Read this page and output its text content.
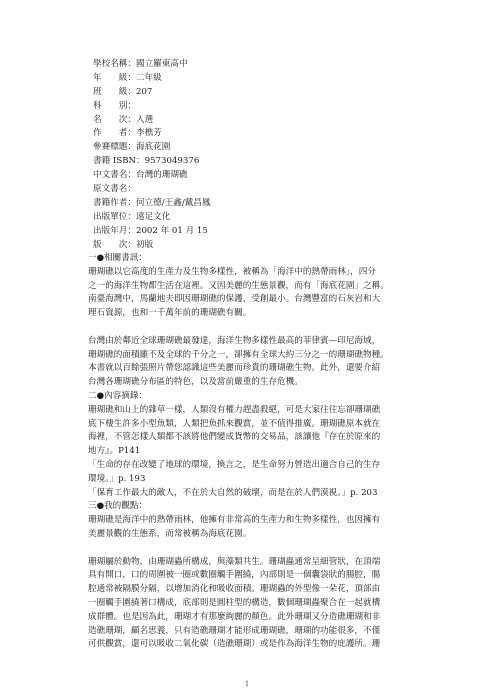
學校名稱：國立羅東高中
年　　級：二年級
班　　級：207
科　　別：
名　　次：入選
作　　者：李樵芳
參賽標題：海底花園
書籍 ISBN：9573049376
中文書名：台灣的珊瑚礁
原文書名：
書籍作者：何立德/王鑫/戴昌鳳
出版單位：遠足文化
出版年月：2002 年 01 月 15
版　　次：初版
一●相關書訊：
珊瑚礁以它高度的生產力及生物多樣性，被稱為「海洋中的熱帶雨林」，四分
之一的海洋生物都生活在這裡。又因美麗的生態景觀，而有「海底花園」之稱。
南臺海灣中，馬蘭地夫即因珊瑚礁的保護，受創最小。台灣豐富的石灰岩和大
理石資源，也和一千萬年前的珊瑚礁有關。
台灣由於鄰近全球珊瑚礁最發達，海洋生物多樣性最高的菲律賓—印尼海域，
珊瑚礁的面積雖不及全球的千分之一，卻擁有全球大約三分之一的珊瑚礁物種。
本書就以百餘張照片帶您認識這些美麗而珍貴的珊瑚礁生物。此外，還要介紹
台灣各珊瑚礁分布區的特色，以及當前嚴重的生存危機。
二●內容摘錄：
珊瑚礁和山上的雜草一樣，人類沒有權力趕盡殺絕，可是大家往往忘卻珊瑚礁
底下棲生許多小型魚類，人類把魚抓來觀賞，並不值得推廣。珊瑚礁原本就在
海裡，不管怎樣人類都不該將他們變成貨幣的交易品，該讓他『存在於原來的
地方』。P141
「生命的存在改變了地球的環境，換言之，是生命努力營造出適合自己的生存
環境。」p. 193
「保育工作最大的敵人，不在於大自然的破壞，而是在於人們漠視。」p. 203
三●我的觀點：
珊瑚礁是海洋中的熱帶雨林，他擁有非常高的生產力和生物多樣性，也因擁有
美麗景觀的生態系，而常被稱為海底花園。
珊瑚屬於動物，由珊瑚蟲所構成，與藻類共生。珊瑚蟲通常呈細管狀，在頂端
具有開口，口的周圍被一圈或數圈觸手圍繞，內部則是一個囊袋狀的腸腔，腸
腔通常被隔膜分隔，以增加消化和吸收面積。珊瑚蟲的外型像一朵花，頂部由
一圈觸手圍繞著口構成，底部則是圓柱型的構造，數個珊瑚蟲聚合在一起就構
成群體。也是因為此，珊瑚才有那麼絢麗的顏色。此外珊瑚又分造礁珊瑚和非
造礁珊瑚，顧名思義，只有造礁珊瑚才能形成珊瑚礁，珊瑚的功能很多，不僅
可供觀賞，還可以吸收二氧化碳（造礁珊瑚）或是作為海洋生物的庇護所。珊
1
